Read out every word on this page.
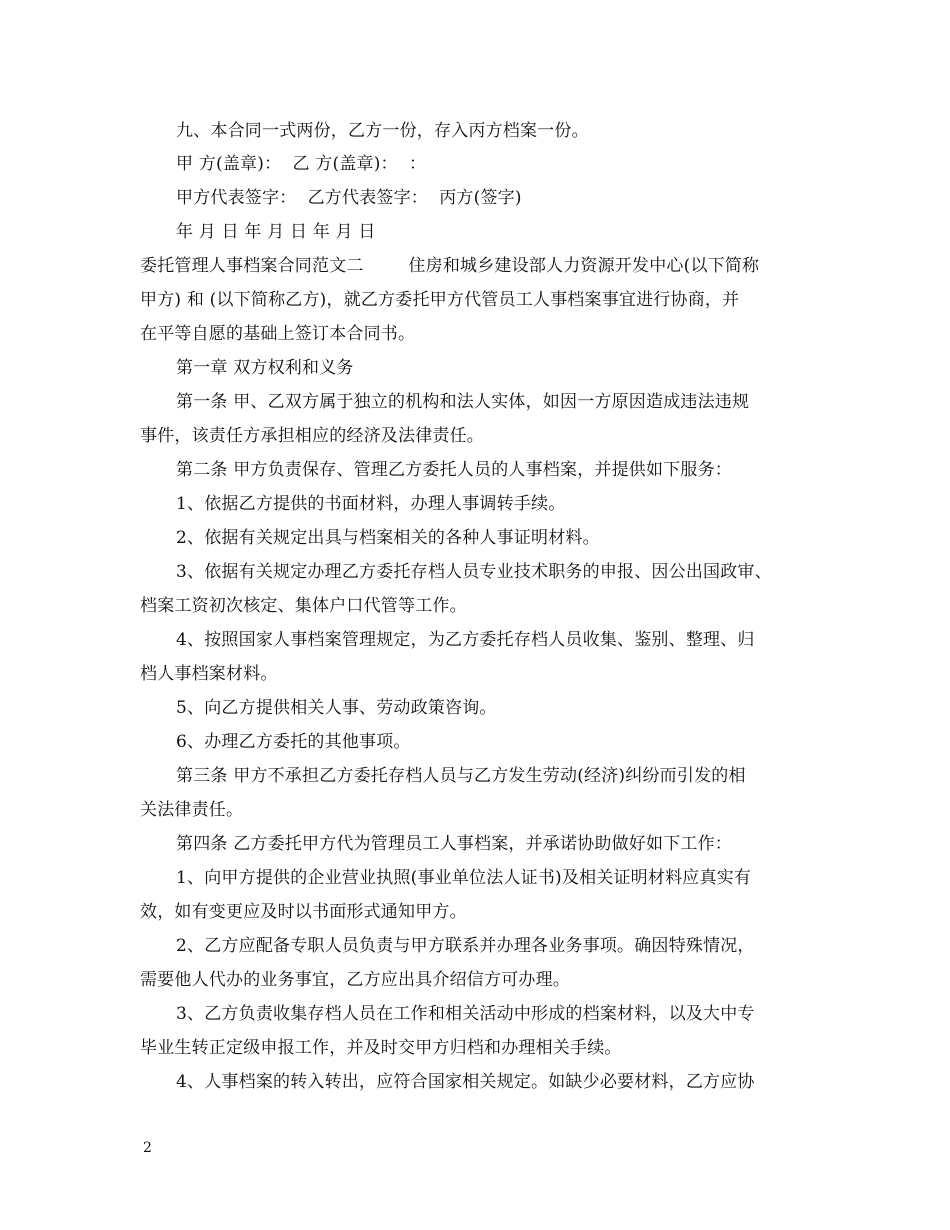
九、本合同一式两份，乙方一份，存入丙方档案一份。
甲 方(盖章)：  乙 方(盖章)：  ：
甲方代表签字：  乙方代表签字：  丙方(签字)
年 月 日 年 月 日 年 月 日
委托管理人事档案合同范文二        住房和城乡建设部人力资源开发中心(以下简称
甲方) 和 (以下简称乙方)，就乙方委托甲方代管员工人事档案事宜进行协商，并
在平等自愿的基础上签订本合同书。
第一章 双方权利和义务
第一条 甲、乙双方属于独立的机构和法人实体，如因一方原因造成违法违规
事件，该责任方承担相应的经济及法律责任。
第二条 甲方负责保存、管理乙方委托人员的人事档案，并提供如下服务：
1、依据乙方提供的书面材料，办理人事调转手续。
2、依据有关规定出具与档案相关的各种人事证明材料。
3、依据有关规定办理乙方委托存档人员专业技术职务的申报、因公出国政审、
档案工资初次核定、集体户口代管等工作。
4、按照国家人事档案管理规定，为乙方委托存档人员收集、鉴别、整理、归
档人事档案材料。
5、向乙方提供相关人事、劳动政策咨询。
6、办理乙方委托的其他事项。
第三条 甲方不承担乙方委托存档人员与乙方发生劳动(经济)纠纷而引发的相
关法律责任。
第四条 乙方委托甲方代为管理员工人事档案，并承诺协助做好如下工作：
1、向甲方提供的企业营业执照(事业单位法人证书)及相关证明材料应真实有
效，如有变更应及时以书面形式通知甲方。
2、乙方应配备专职人员负责与甲方联系并办理各业务事项。确因特殊情况，
需要他人代办的业务事宜，乙方应出具介绍信方可办理。
3、乙方负责收集存档人员在工作和相关活动中形成的档案材料，以及大中专
毕业生转正定级申报工作，并及时交甲方归档和办理相关手续。
4、人事档案的转入转出，应符合国家相关规定。如缺少必要材料，乙方应协
2
